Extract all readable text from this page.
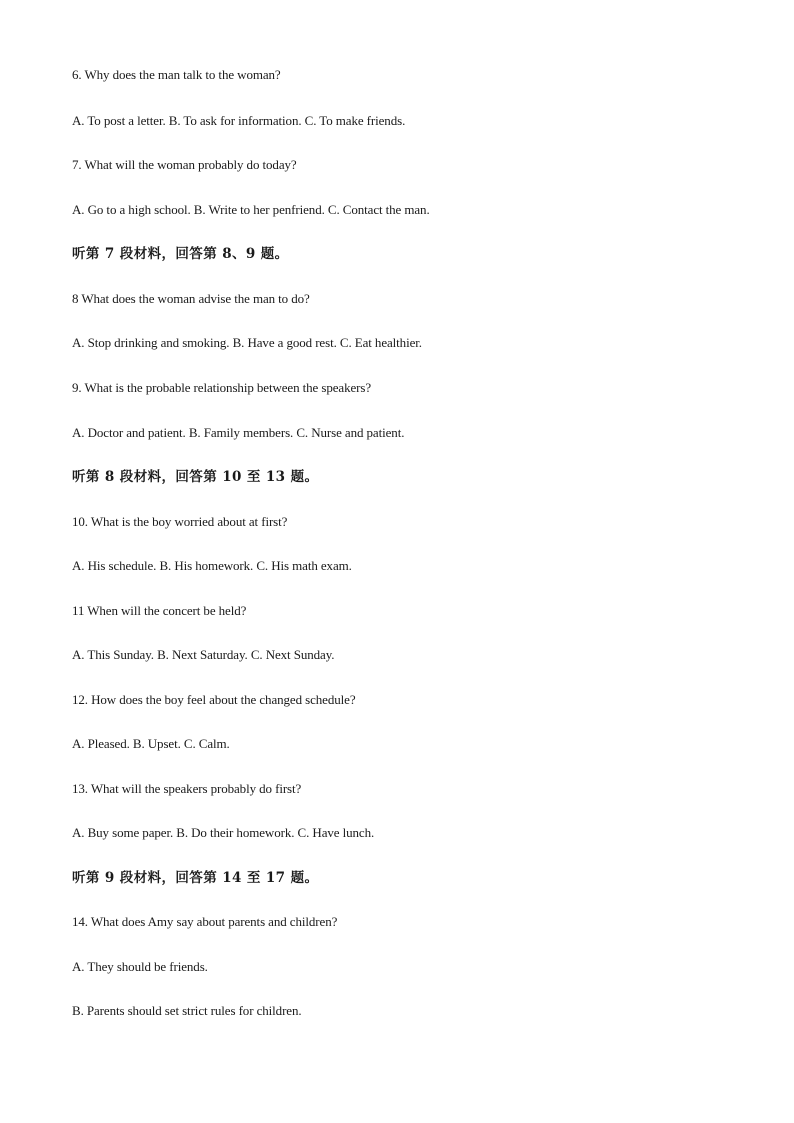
6. Why does the man talk to the woman?
A. To post a letter. B. To ask for information. C. To make friends.
7. What will the woman probably do today?
A. Go to a high school. B. Write to her penfriend. C. Contact the man.
听第 7 段材料，回答第 8、9 题。
8 What does the woman advise the man to do?
A. Stop drinking and smoking. B. Have a good rest. C. Eat healthier.
9. What is the probable relationship between the speakers?
A. Doctor and patient. B. Family members. C. Nurse and patient.
听第 8 段材料，回答第 10 至 13 题。
10. What is the boy worried about at first?
A. His schedule. B. His homework. C. His math exam.
11 When will the concert be held?
A. This Sunday. B. Next Saturday. C. Next Sunday.
12. How does the boy feel about the changed schedule?
A. Pleased. B. Upset. C. Calm.
13. What will the speakers probably do first?
A. Buy some paper. B. Do their homework. C. Have lunch.
听第 9 段材料，回答第 14 至 17 题。
14. What does Amy say about parents and children?
A. They should be friends.
B. Parents should set strict rules for children.
